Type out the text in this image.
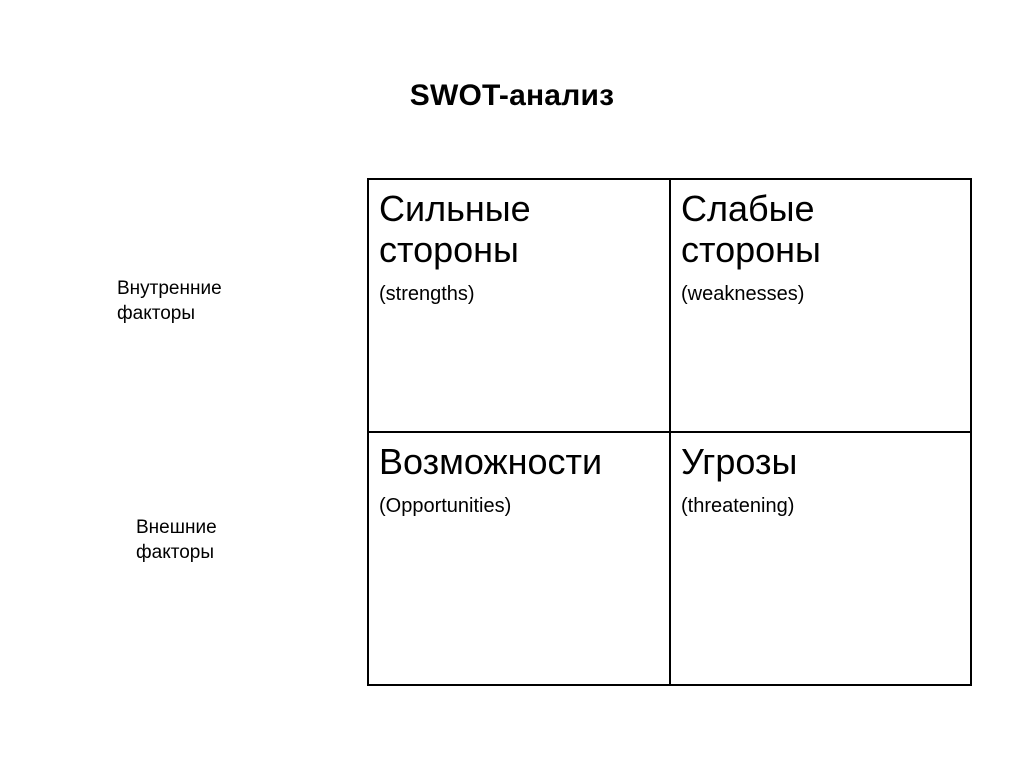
SWOT-анализ
Внутренние
факторы
Внешние
факторы
Сильные стороны
(strengths)
Слабые стороны
(weaknesses)
Возможности
(Opportunities)
Угрозы
(threatening)
